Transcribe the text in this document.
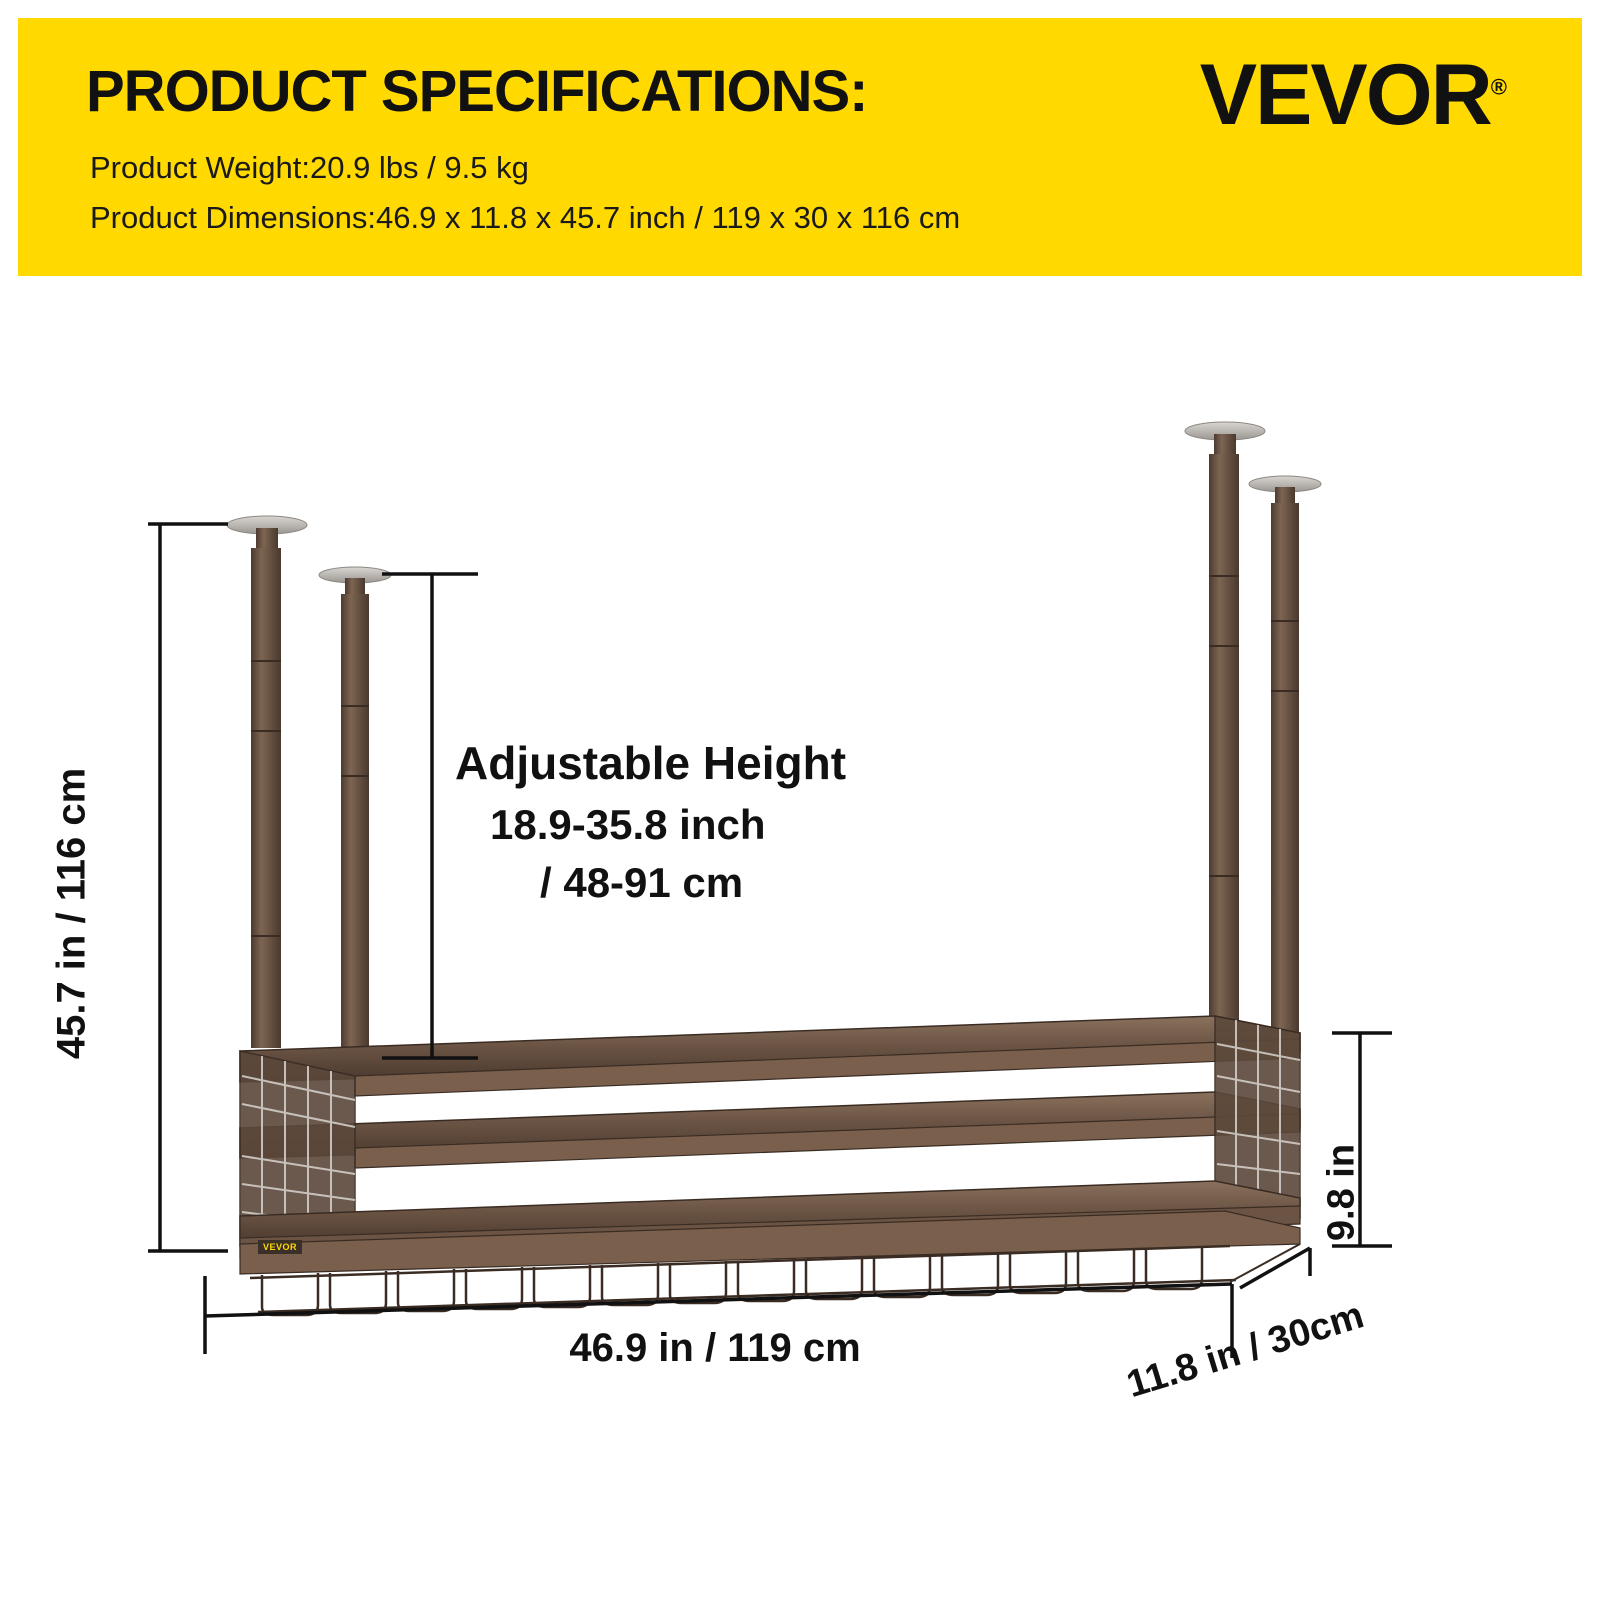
PRODUCT SPECIFICATIONS:
Product Weight:20.9 lbs / 9.5 kg
Product Dimensions:46.9 x 11.8 x 45.7 inch / 119 x 30 x 116 cm
VEVOR®
45.7 in / 116 cm
9.8 in
46.9 in / 119 cm	11.8 in / 30cm
Adjustable Height
18.9-35.8 inch
/ 48-91 cm
VEVOR
